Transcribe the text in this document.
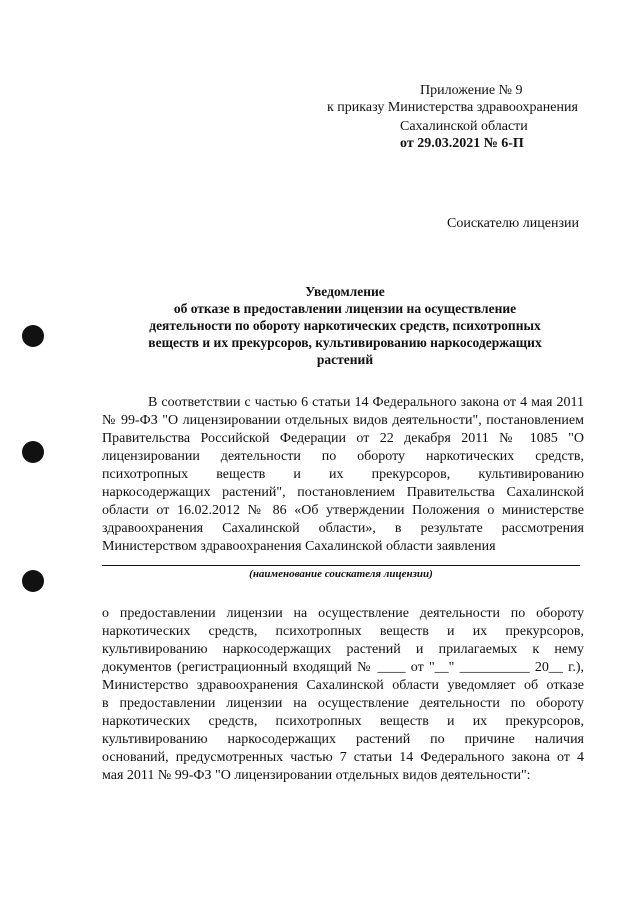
Приложение № 9
к приказу Министерства здравоохранения
Сахалинской области
от 29.03.2021 № 6-П
Соискателю лицензии
Уведомление
об отказе в предоставлении лицензии на осуществление
деятельности по обороту наркотических средств, психотропных
веществ и их прекурсоров, культивированию наркосодержащих
растений
В соответствии с частью 6 статьи 14 Федерального закона от 4 мая 2011
№ 99-ФЗ "О лицензировании отдельных видов деятельности", постановлением
Правительства Российской Федерации от 22 декабря 2011 № 1085 "О
лицензировании деятельности по обороту наркотических средств,
психотропных веществ и их прекурсоров, культивированию
наркосодержащих растений", постановлением Правительства Сахалинской
области от 16.02.2012 № 86 «Об утверждении Положения о министерстве
здравоохранения Сахалинской области», в результате рассмотрения
Министерством здравоохранения Сахалинской области заявления
(наименование соискателя лицензии)
о предоставлении лицензии на осуществление деятельности по обороту
наркотических средств, психотропных веществ и их прекурсоров,
культивированию наркосодержащих растений и прилагаемых к нему
документов (регистрационный входящий № ____ от "__" __________ 20__ г.),
Министерство здравоохранения Сахалинской области уведомляет об отказе
в предоставлении лицензии на осуществление деятельности по обороту
наркотических средств, психотропных веществ и их прекурсоров,
культивированию наркосодержащих растений по причине наличия
оснований, предусмотренных частью 7 статьи 14 Федерального закона от 4
мая 2011 № 99-ФЗ "О лицензировании отдельных видов деятельности":
